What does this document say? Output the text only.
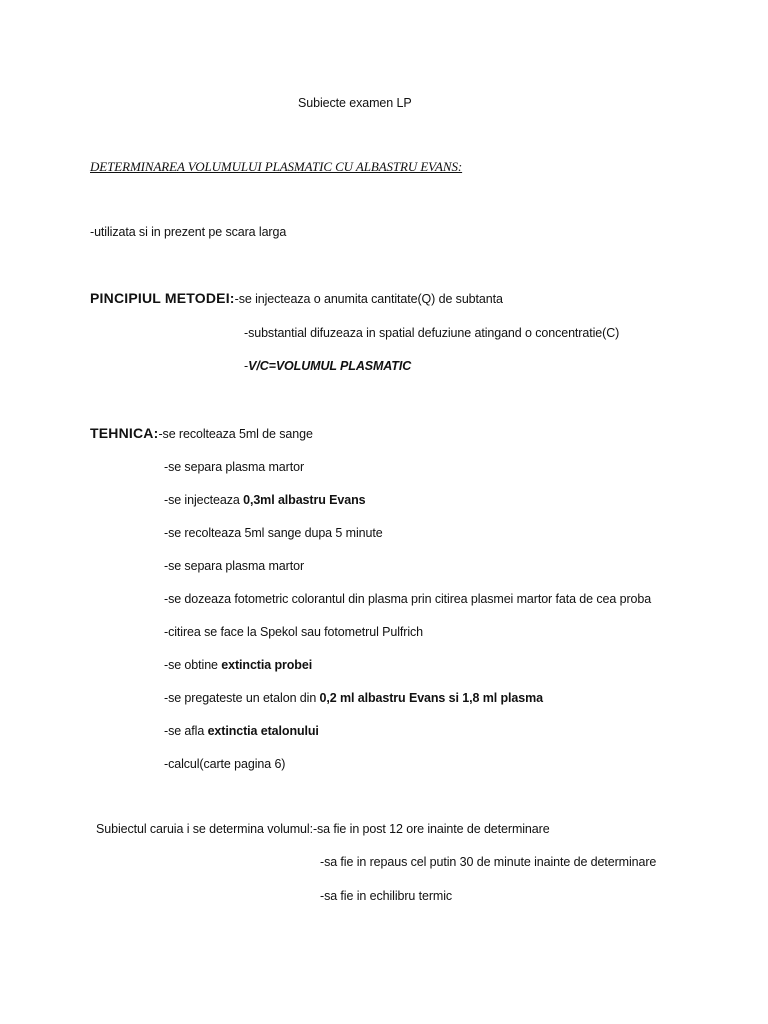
Subiecte examen LP
DETERMINAREA VOLUMULUI PLASMATIC CU ALBASTRU EVANS:
-utilizata si in prezent pe scara larga
PINCIPIUL METODEI:-se injecteaza o anumita cantitate(Q) de subtanta
-substantial difuzeaza in spatial defuziune atingand o concentratie(C)
-V/C=VOLUMUL PLASMATIC
TEHNICA:-se recolteaza 5ml de sange
-se separa plasma martor
-se injecteaza 0,3ml albastru Evans
-se recolteaza 5ml sange dupa 5 minute
-se separa plasma martor
-se dozeaza fotometric colorantul din plasma prin citirea plasmei martor fata de cea proba
-citirea se face la Spekol sau fotometrul Pulfrich
-se obtine extinctia probei
-se pregateste un etalon din 0,2 ml albastru Evans si 1,8 ml plasma
-se afla extinctia etalonului
-calcul(carte pagina 6)
Subiectul caruia i se determina volumul:-sa fie in post 12 ore inainte de determinare
-sa fie in repaus cel putin 30 de minute inainte de determinare
-sa fie in echilibru termic
